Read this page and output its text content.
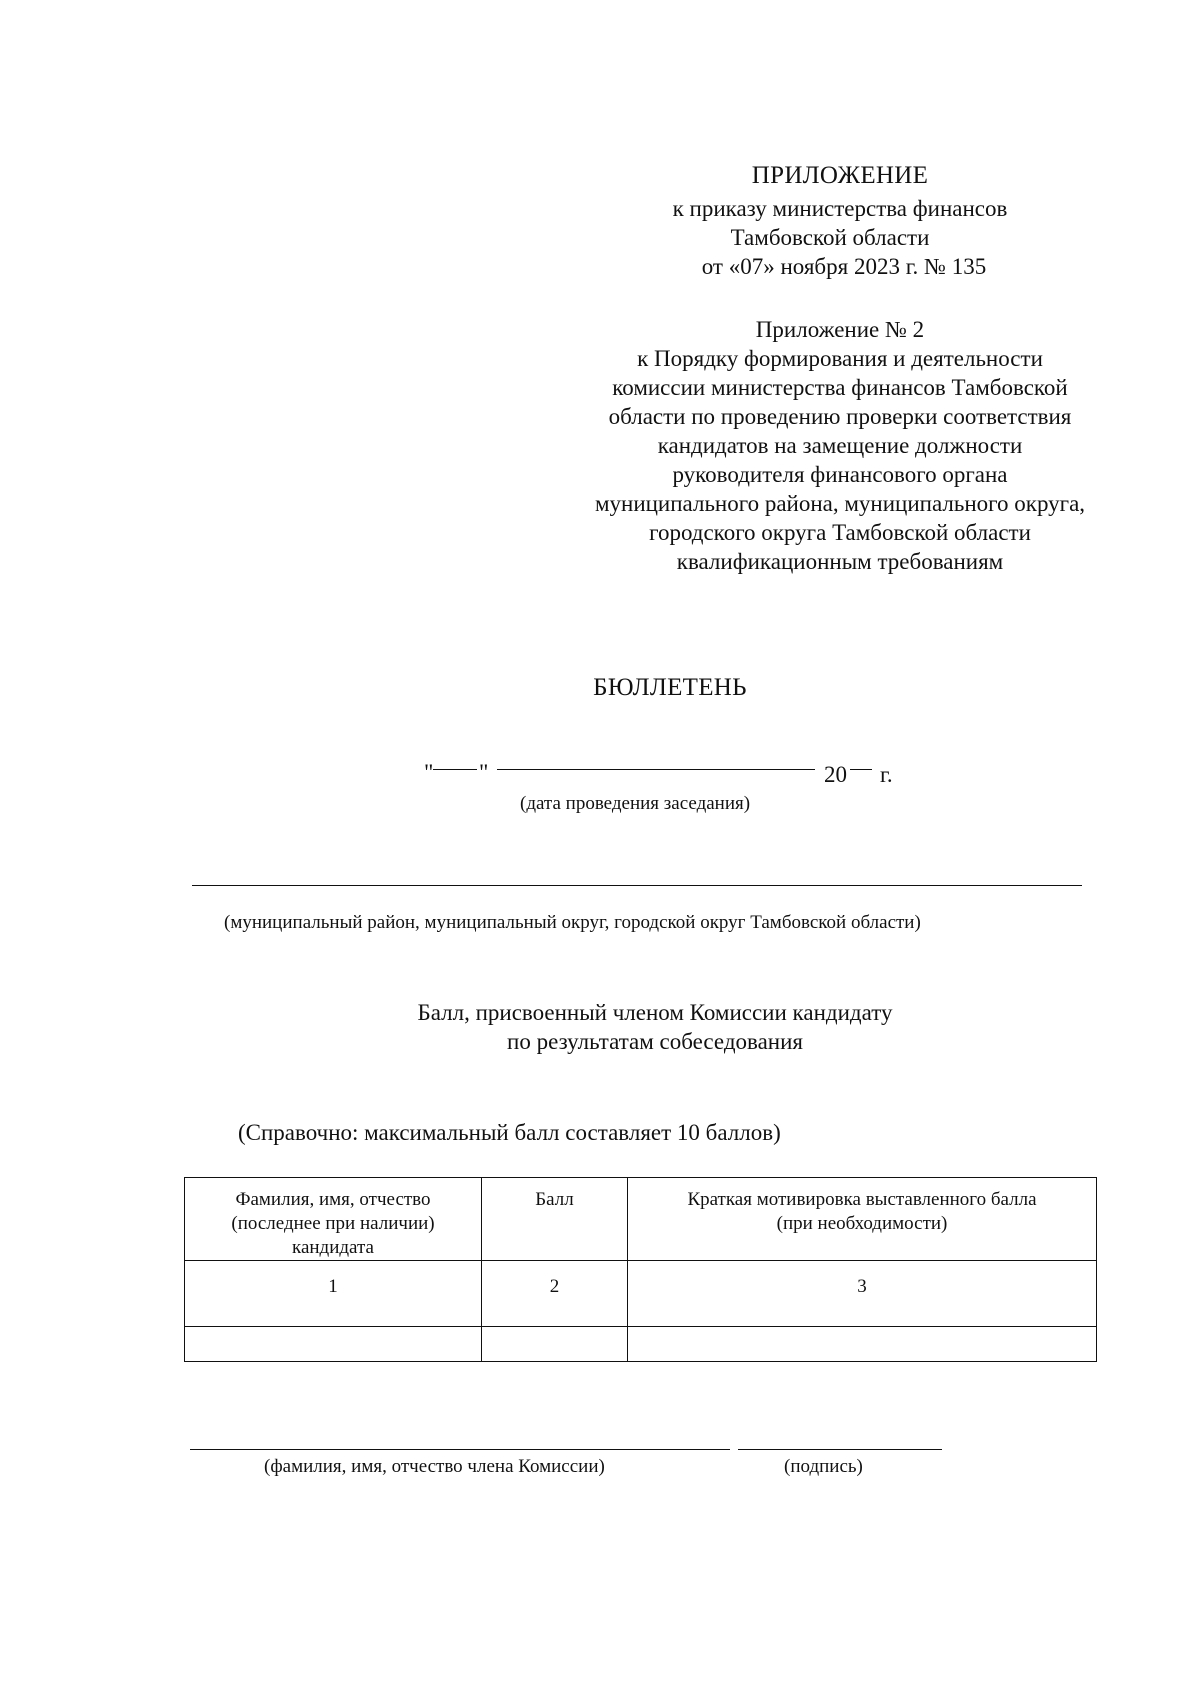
ПРИЛОЖЕНИЕ
к приказу министерства финансов
Тамбовской области
от «07» ноября 2023 г. № 135
Приложение № 2
к Порядку формирования и деятельности
комиссии министерства финансов Тамбовской
области по проведению проверки соответствия
кандидатов на замещение должности
руководителя финансового органа
муниципального района, муниципального округа,
городского округа Тамбовской области
квалификационным требованиям
БЮЛЛЕТЕНЬ
" "	20 г.
(дата проведения заседания)
(муниципальный район, муниципальный округ, городской округ Тамбовской области)
Балл, присвоенный членом Комиссии кандидату
по результатам собеседования
(Справочно: максимальный балл составляет 10 баллов)
Фамилия, имя, отчество
(последнее при наличии)
кандидата	Балл	Краткая мотивировка выставленного балла
(при необходимости)

1	2	3

(фамилия, имя, отчество члена Комиссии)	(подпись)
